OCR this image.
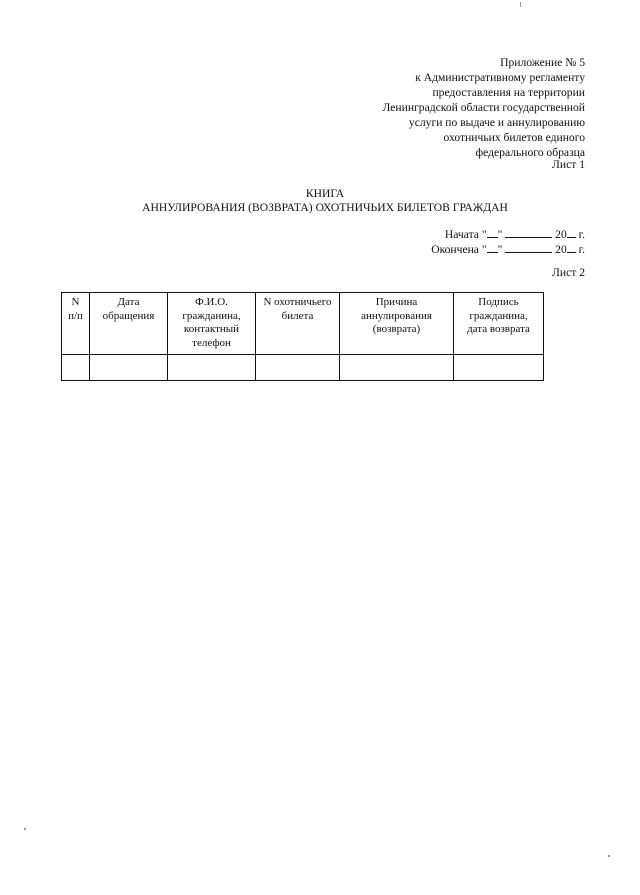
Приложение № 5
к Административному регламенту
предоставления на территории
Ленинградской области государственной
услуги по выдаче и аннулированию
охотничьих билетов единого
федерального образца
Лист 1
КНИГА
АННУЛИРОВАНИЯ (ВОЗВРАТА) ОХОТНИЧЬИХ БИЛЕТОВ ГРАЖДАН
Начата " "	20 г.
Окончена " "	20 г.
Лист 2
N
п/п	Дата
обращения	Ф.И.О.
гражданина,
контактный
телефон	N охотничьего
билета	Причина
аннулирования
(возврата)	Подпись
гражданина,
дата возврата
